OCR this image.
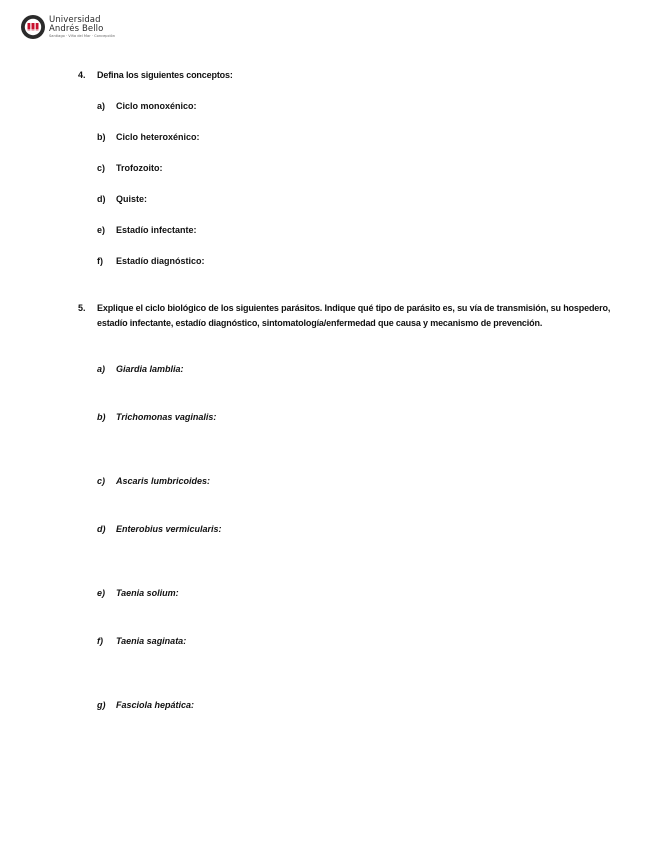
Universidad
Andrés Bello
Santiago · Viña del Mar · Concepción
4. Defina los siguientes conceptos:
a) Ciclo monoxénico:
b) Ciclo heteroxénico:
c) Trofozoito:
d) Quiste:
e) Estadío infectante:
f) Estadío diagnóstico:
5. Explique el ciclo biológico de los siguientes parásitos. Indique qué tipo de parásito es, su vía de transmisión, su hospedero, estadío infectante, estadío diagnóstico, sintomatología/enfermedad que causa y mecanismo de prevención.
a) Giardia lamblia:
b) Trichomonas vaginalis:
c) Ascaris lumbricoides:
d) Enterobius vermicularis:
e) Taenia solium:
f) Taenia saginata:
g) Fasciola hepática:
